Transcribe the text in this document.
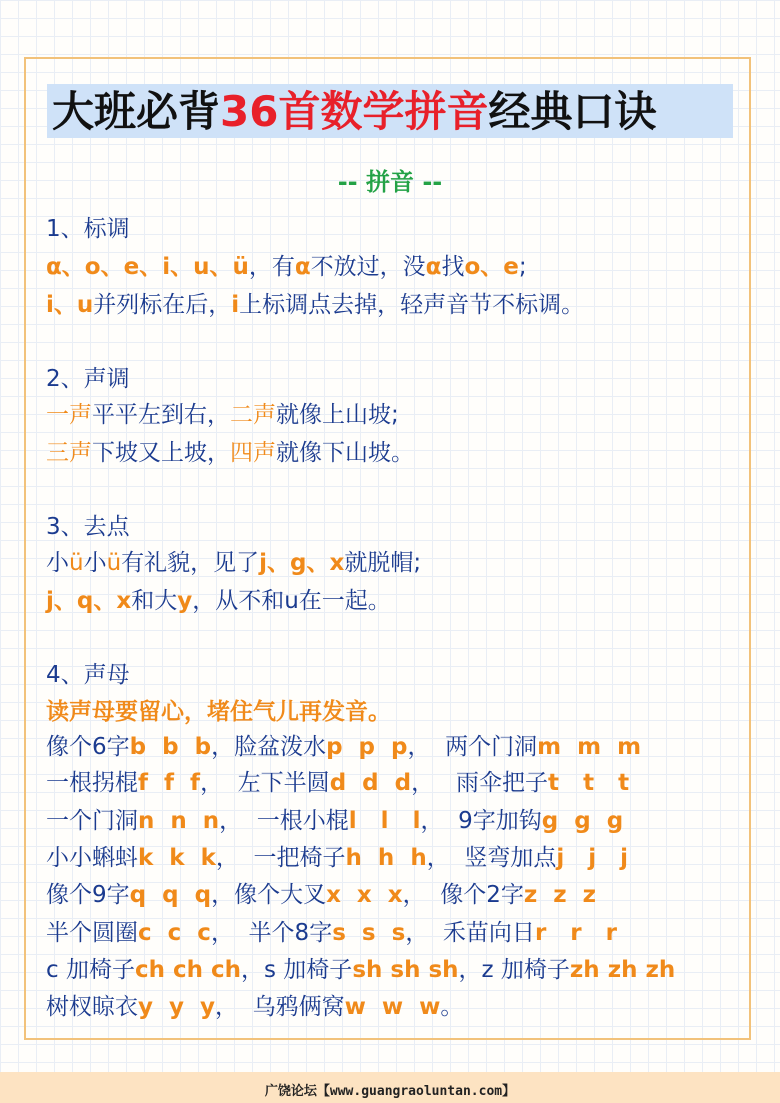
大班必背36首数学拼音经典口诀
-- 拼音 --
1、标调
α、o、e、i、u、ü，有α不放过，没α找o、e;
i、u并列标在后，i上标调点去掉，轻声音节不标调。
2、声调
一声平平左到右，二声就像上山坡;
三声下坡又上坡，四声就像下山坡。
3、去点
小ü小ü有礼貌，见了j、g、x就脱帽;
j、q、x和大y，从不和u在一起。
4、声母
读声母要留心，堵住气儿再发音。
像个6字b  b  b，脸盆泼水p  p  p，  两个门洞m  m  m
一根拐棍f  f  f，  左下半圆d  d  d，   雨伞把子t   t   t
一个门洞n  n  n，  一根小棍l   l   l，  9字加钩g  g  g
小小蝌蚪k  k  k，  一把椅子h  h  h，  竖弯加点j   j   j
像个9字q  q  q，像个大叉x  x  x，  像个2字z  z  z
半个圆圈c  c  c，  半个8字s  s  s，  禾苗向日r   r   r
c 加椅子ch ch ch，s 加椅子sh sh sh，z 加椅子zh zh zh
树杈晾衣y  y  y，  乌鸦俩窝w  w  w。
广饶论坛【www.guangraoluntan.com】
